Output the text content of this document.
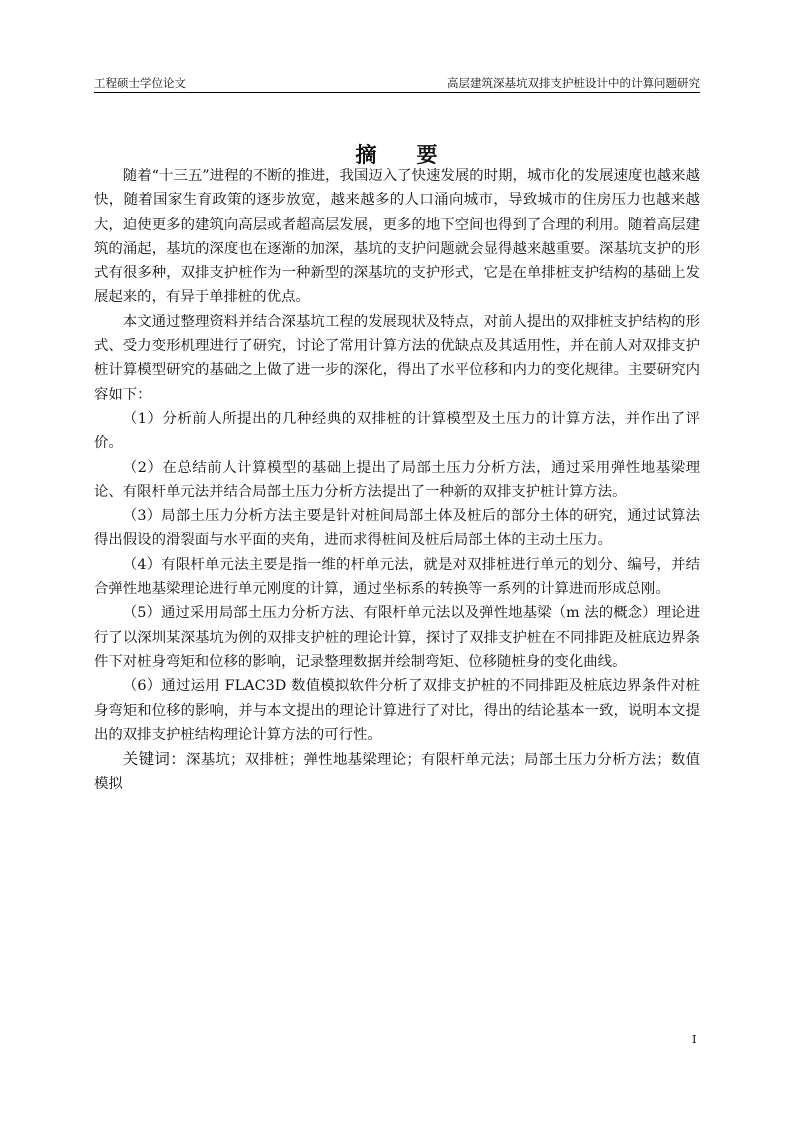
工程硕士学位论文	高层建筑深基坑双排支护桩设计中的计算问题研究
摘要

随着“十三五”进程的不断的推进，我国迈入了快速发展的时期，城市化的发展速度也越来越快，随着国家生育政策的逐步放宽，越来越多的人口涌向城市，导致城市的住房压力也越来越大，迫使更多的建筑向高层或者超高层发展，更多的地下空间也得到了合理的利用。随着高层建筑的涌起，基坑的深度也在逐渐的加深，基坑的支护问题就会显得越来越重要。深基坑支护的形式有很多种，双排支护桩作为一种新型的深基坑的支护形式，它是在单排桩支护结构的基础上发展起来的，有异于单排桩的优点。

本文通过整理资料并结合深基坑工程的发展现状及特点，对前人提出的双排桩支护结构的形式、受力变形机理进行了研究，讨论了常用计算方法的优缺点及其适用性，并在前人对双排支护桩计算模型研究的基础之上做了进一步的深化，得出了水平位移和内力的变化规律。主要研究内容如下：

（1）分析前人所提出的几种经典的双排桩的计算模型及土压力的计算方法，并作出了评价。

（2）在总结前人计算模型的基础上提出了局部土压力分析方法，通过采用弹性地基梁理论、有限杆单元法并结合局部土压力分析方法提出了一种新的双排支护桩计算方法。

（3）局部土压力分析方法主要是针对桩间局部土体及桩后的部分土体的研究，通过试算法得出假设的滑裂面与水平面的夹角，进而求得桩间及桩后局部土体的主动土压力。

（4）有限杆单元法主要是指一维的杆单元法，就是对双排桩进行单元的划分、编号，并结合弹性地基梁理论进行单元刚度的计算，通过坐标系的转换等一系列的计算进而形成总刚。

（5）通过采用局部土压力分析方法、有限杆单元法以及弹性地基梁（m 法的概念）理论进行了以深圳某深基坑为例的双排支护桩的理论计算，探讨了双排支护桩在不同排距及桩底边界条件下对桩身弯矩和位移的影响，记录整理数据并绘制弯矩、位移随桩身的变化曲线。

（6）通过运用 FLAC3D 数值模拟软件分析了双排支护桩的不同排距及桩底边界条件对桩身弯矩和位移的影响，并与本文提出的理论计算进行了对比，得出的结论基本一致，说明本文提出的双排支护桩结构理论计算方法的可行性。

关键词：深基坑；双排桩；弹性地基梁理论；有限杆单元法；局部土压力分析方法；数值模拟

I
